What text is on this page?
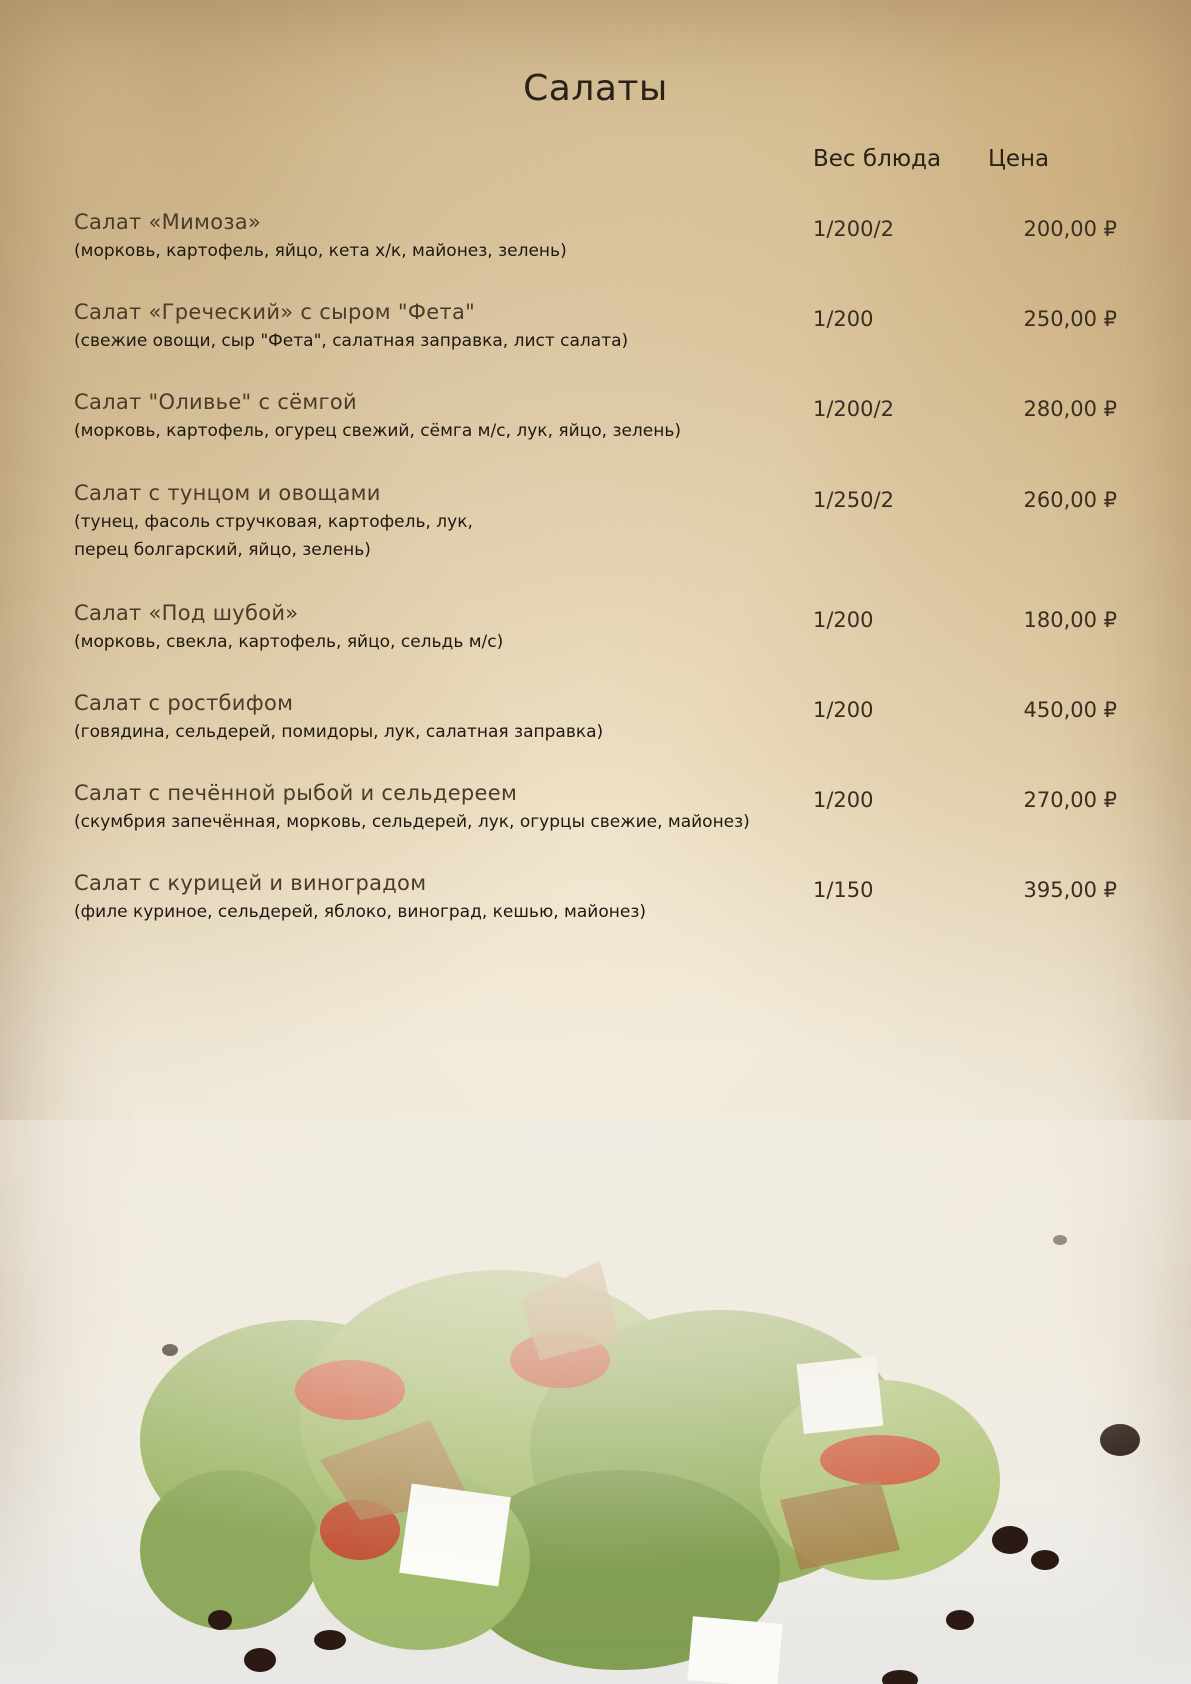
Салаты
Вес блюда Цена
Салат «Мимоза»
(морковь, картофель, яйцо, кета х/к, майонез, зелень)
1/200/2	200,00 ₽
Салат «Греческий» с сыром "Фета"
(свежие овощи, сыр "Фета", салатная заправка, лист салата)
1/200	250,00 ₽
Салат "Оливье" с сёмгой
(морковь, картофель, огурец свежий, сёмга м/с, лук, яйцо, зелень)
1/200/2	280,00 ₽
Салат с тунцом и овощами
(тунец, фасоль стручковая, картофель, лук,
перец болгарский, яйцо, зелень)
1/250/2	260,00 ₽
Салат «Под шубой»
(морковь, свекла, картофель, яйцо, сельдь м/с)
1/200	180,00 ₽
Салат с ростбифом
(говядина, сельдерей, помидоры, лук, салатная заправка)
1/200	450,00 ₽
Салат с печённой рыбой и сельдереем
(скумбрия запечённая, морковь, сельдерей, лук, огурцы свежие, майонез)
1/200	270,00 ₽
Салат с курицей и виноградом
(филе куриное, сельдерей, яблоко, виноград, кешью, майонез)
1/150	395,00 ₽
